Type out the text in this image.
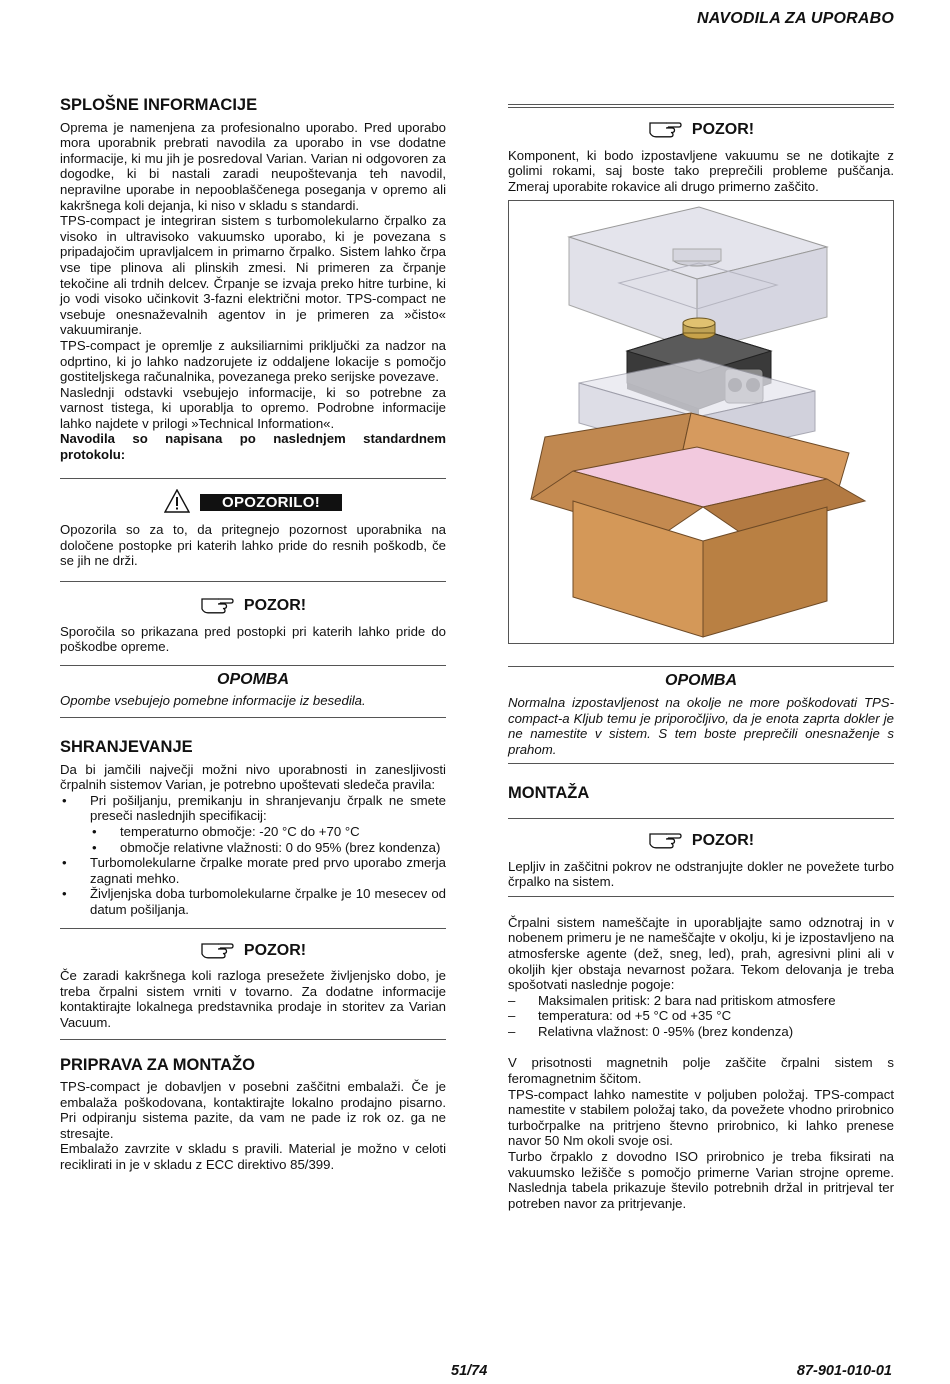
NAVODILA ZA UPORABO
SPLOŠNE INFORMACIJE

Oprema je namenjena za profesionalno uporabo. Pred uporabo mora uporabnik prebrati navodila za uporabo in vse dodatne informacije, ki mu jih je posredoval Varian. Varian ni odgovoren za dogodke, ki bi nastali zaradi neupoštevanja teh navodil, nepravilne uporabe in nepooblaščenega poseganja v opremo ali kakršnega koli dejanja, ki niso v skladu s standardi.

TPS-compact je integriran sistem s turbomolekularno črpalko za visoko in ultravisoko vakuumsko uporabo, ki je povezana s pripadajočim upravljalcem in primarno črpalko. Sistem lahko črpa vse tipe plinova ali plinskih zmesi. Ni primeren za črpanje tekočine ali trdnih delcev. Črpanje se izvaja preko hitre turbine, ki jo vodi visoko učinkovit 3-fazni električni motor. TPS-compact ne vsebuje onesnaževalnih agentov in je primeren za »čisto« vakuumiranje.

TPS-compact je opremlje z auksiliarnimi priključki za nadzor na odprtino, ki jo lahko nadzorujete iz oddaljene lokacije s pomočjo gostiteljskega računalnika, povezanega preko serijske povezave.

Naslednji odstavki vsebujejo informacije, ki so potrebne za varnost tistega, ki uporablja to opremo. Podrobne informacije lahko najdete v prilogi »Technical Information«.

Navodila so napisana po naslednjem standardnem protokolu:

OPOZORILO!

Opozorila so za to, da pritegnejo pozornost uporabnika na določene postopke pri katerih lahko pride do resnih poškodb, če se jih ne drži.

POZOR!

Sporočila so prikazana pred postopki pri katerih lahko pride do poškodbe opreme.

OPOMBA

Opombe vsebujejo pomebne informacije iz besedila.

SHRANJEVANJE

Da bi jamčili največji možni nivo uporabnosti in zanesljivosti črpalnih sistemov Varian, je potrebno upoštevati sledeča pravila:

• Pri pošiljanju, premikanju in shranjevanju črpalk ne smete preseči naslednjih specifikacij:
• temperaturno območje: -20 °C do +70 °C
• območje relativne vlažnosti: 0 do 95% (brez kondenza)
• Turbomolekularne črpalke morate pred prvo uporabo zmerja zagnati mehko.
• Življenjska doba turbomolekularne črpalke je 10 mesecev od datum pošiljanja.
POZOR!

Če zaradi kakršnega koli razloga presežete življenjsko dobo, je treba črpalni sistem vrniti v tovarno. Za dodatne informacije kontaktirajte lokalnega predstavnika prodaje in storitev za Varian Vacuum.

PRIPRAVA ZA MONTAŽO

TPS-compact je dobavljen v posebni zaščitni embalaži. Če je embalaža poškodovana, kontaktirajte lokalno prodajno pisarno. Pri odpiranju sistema pazite, da vam ne pade iz rok oz. ga ne stresajte.

Embalažo zavrzite v skladu s pravili. Material je možno v celoti reciklirati in je v skladu z ECC direktivo 85/399.

POZOR!

Komponent, ki bodo izpostavljene vakuumu se ne dotikajte z golimi rokami, saj boste tako preprečili probleme puščanja. Zmeraj uporabite rokavice ali drugo primerno zaščito.

OPOMBA

Normalna izpostavljenost na okolje ne more poškodovati TPS-compact-a Kljub temu je priporočljivo, da je enota zaprta dokler je ne namestite v sistem. S tem boste preprečili onesnaženje s prahom.

MONTAŽA
POZOR!

Lepljiv in zaščitni pokrov ne odstranjujte dokler ne povežete turbo črpalko na sistem.

Črpalni sistem nameščajte in uporabljajte samo odznotraj in v nobenem primeru je ne nameščajte v okolju, ki je izpostavljeno na atmosferske agente (dež, sneg, led), prah, agresivni plini ali v okoljih kjer obstaja nevarnost požara. Tekom delovanja je treba spošotvati naslednje pogoje:

– Maksimalen pritisk: 2 bara nad pritiskom atmosfere
– temperatura: od +5 °C od +35 °C
– Relativna vlažnost: 0 -95% (brez kondenza)

V prisotnosti magnetnih polje zaščite črpalni sistem s feromagnetnim ščitom.

TPS-compact lahko namestite v poljuben položaj. TPS-compact namestite v stabilem položaj tako, da povežete vhodno prirobnico turbočrpalke na pritrjeno števno prirobnico, ki lahko prenese navor 50 Nm okoli svoje osi.

Turbo črpaklo z dovodno ISO prirobnico je treba fiksirati na vakuumsko ležišče s pomočjo primerne Varian strojne opreme. Naslednja tabela prikazuje število potrebnih držal in pritrjeval ter potreben navor za pritrjevanje.

51/74	87-901-010-01
